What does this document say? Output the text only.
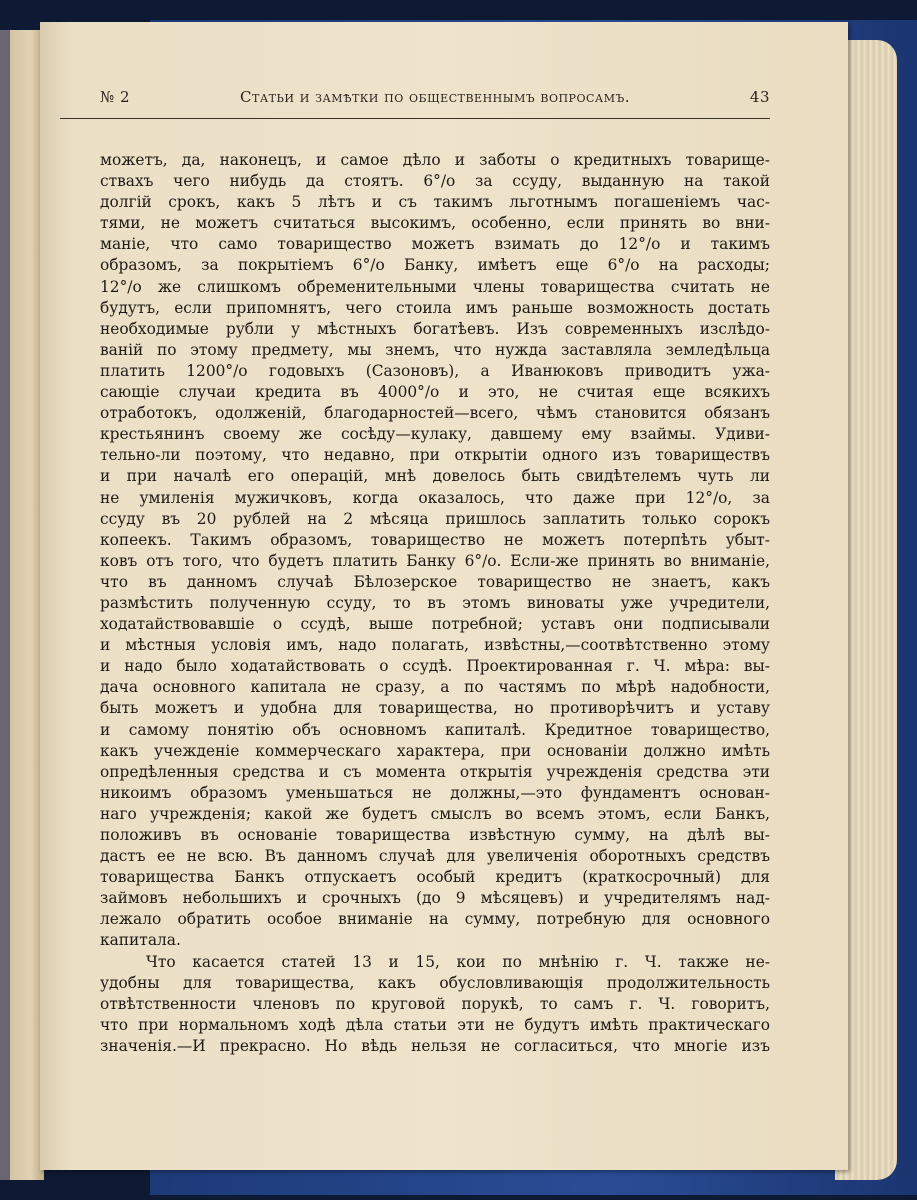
№ 2	Статьи и замѣтки по общественнымъ вопросамъ.	43
можетъ, да, наконецъ, и самое дѣло и заботы о кредитныхъ товарище-
ствахъ чего нибудь да стоятъ. 6°/о за ссуду, выданную на такой
долгій срокъ, какъ 5 лѣтъ и съ такимъ льготнымъ погашеніемъ час-
тями, не можетъ считаться высокимъ, особенно, если принять во вни-
маніе, что само товарищество можетъ взимать до 12°/о и такимъ
образомъ, за покрытіемъ 6°/о Банку, имѣетъ еще 6°/о на расходы;
12°/о же слишкомъ обременительными члены товарищества считать не
будутъ, если припомнятъ, чего стоила имъ раньше возможность достать
необходимые рубли у мѣстныхъ богатѣевъ. Изъ современныхъ изслѣдо-
ваній по этому предмету, мы знемъ, что нужда заставляла земледѣльца
платить 1200°/о годовыхъ (Сазоновъ), а Иванюковъ приводитъ ужа-
сающіе случаи кредита въ 4000°/о и это, не считая еще всякихъ
отработокъ, одолженій, благодарностей—всего, чѣмъ становится обязанъ
крестьянинъ своему же сосѣду—кулаку, давшему ему взаймы. Удиви-
тельно-ли поэтому, что недавно, при открытіи одного изъ товариществъ
и при началѣ его операцій, мнѣ довелось быть свидѣтелемъ чуть ли
не умиленія мужичковъ, когда оказалось, что даже при 12°/о, за
ссуду въ 20 рублей на 2 мѣсяца пришлось заплатить только сорокъ
копеекъ. Такимъ образомъ, товарищество не можетъ потерпѣть убыт-
ковъ отъ того, что будетъ платить Банку 6°/о. Если-же принять во вниманіе,
что въ данномъ случаѣ Бѣлозерское товарищество не знаетъ, какъ
размѣстить полученную ссуду, то въ этомъ виноваты уже учредители,
ходатайствовавшіе о ссудѣ, выше потребной; уставъ они подписывали
и мѣстныя условія имъ, надо полагать, извѣстны,—соотвѣтственно этому
и надо было ходатайствовать о ссудѣ. Проектированная г. Ч. мѣра: вы-
дача основного капитала не сразу, а по частямъ по мѣрѣ надобности,
быть можетъ и удобна для товарищества, но противорѣчитъ и уставу
и самому понятію объ основномъ капиталѣ. Кредитное товарищество,
какъ учежденіе коммерческаго характера, при основаніи должно имѣть
опредѣленныя средства и съ момента открытія учрежденія средства эти
никоимъ образомъ уменьшаться не должны,—это фундаментъ основан-
наго учрежденія; какой же будетъ смыслъ во всемъ этомъ, если Банкъ,
положивъ въ основаніе товарищества извѣстную сумму, на дѣлѣ вы-
дастъ ее не всю. Въ данномъ случаѣ для увеличенія оборотныхъ средствъ
товарищества Банкъ отпускаетъ особый кредитъ (краткосрочный) для
займовъ небольшихъ и срочныхъ (до 9 мѣсяцевъ) и учредителямъ над-
лежало обратить особое вниманіе на сумму, потребную для основного
капитала.
Что касается статей 13 и 15, кои по мнѣнію г. Ч. также не-
удобны для товарищества, какъ обусловливающія продолжительность
отвѣтственности членовъ по круговой порукѣ, то самъ г. Ч. говоритъ,
что при нормальномъ ходѣ дѣла статьи эти не будутъ имѣть практическаго
значенія.—И прекрасно. Но вѣдь нельзя не согласиться, что многіе изъ
